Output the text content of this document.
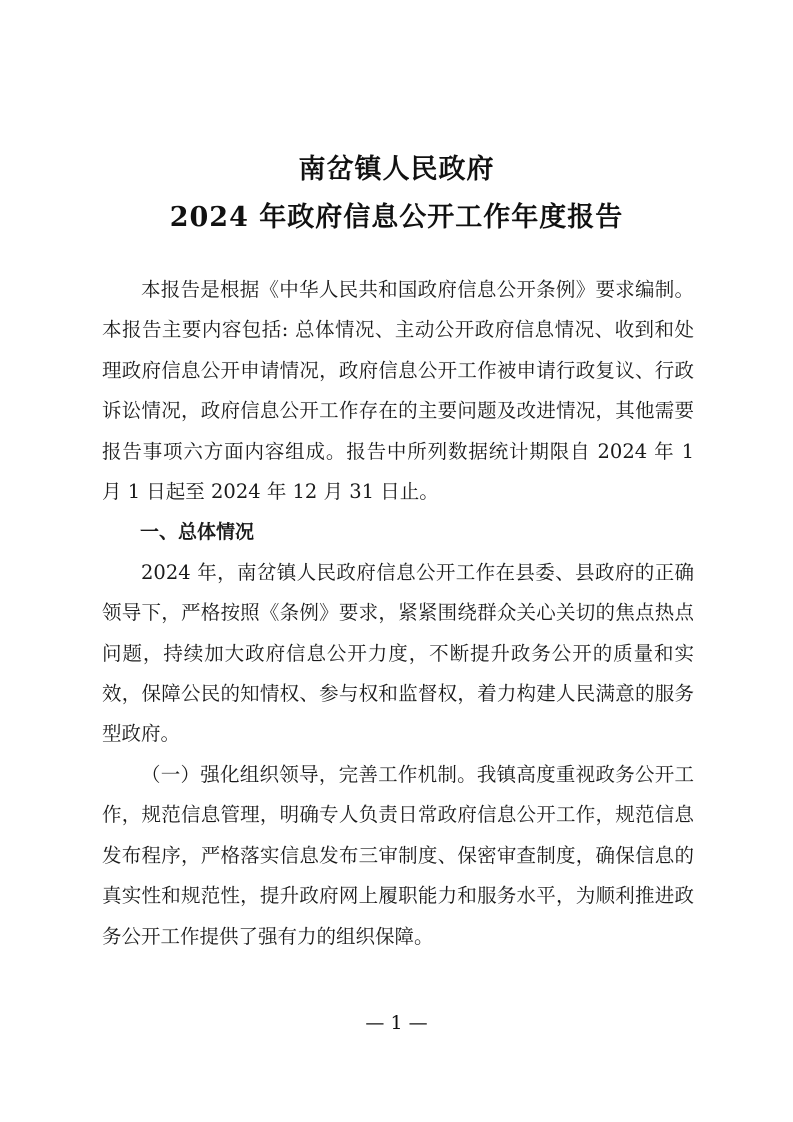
南岔镇人民政府
2024 年政府信息公开工作年度报告

本报告是根据《中华人民共和国政府信息公开条例》要求编制。本报告主要内容包括: 总体情况、主动公开政府信息情况、收到和处理政府信息公开申请情况，政府信息公开工作被申请行政复议、行政诉讼情况，政府信息公开工作存在的主要问题及改进情况，其他需要报告事项六方面内容组成。报告中所列数据统计期限自 2024 年 1 月 1 日起至 2024 年 12 月 31 日止。

一、总体情况

2024 年，南岔镇人民政府信息公开工作在县委、县政府的正确领导下，严格按照《条例》要求，紧紧围绕群众关心关切的焦点热点问题，持续加大政府信息公开力度，不断提升政务公开的质量和实效，保障公民的知情权、参与权和监督权，着力构建人民满意的服务型政府。

（一）强化组织领导，完善工作机制。我镇高度重视政务公开工作，规范信息管理，明确专人负责日常政府信息公开工作，规范信息发布程序，严格落实信息发布三审制度、保密审查制度，确保信息的真实性和规范性，提升政府网上履职能力和服务水平，为顺利推进政务公开工作提供了强有力的组织保障。

— 1 —
